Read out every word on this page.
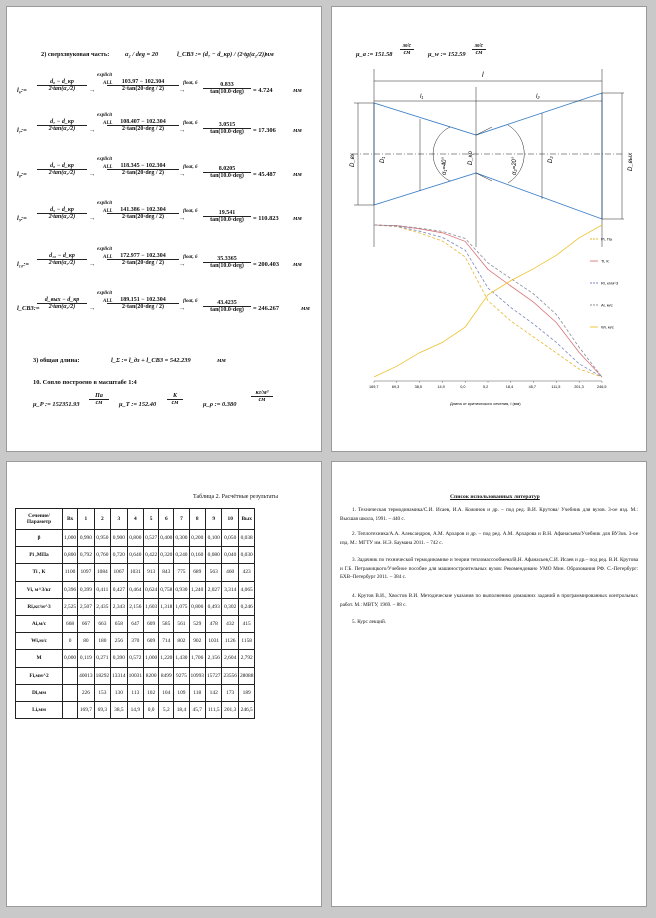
2) сверхзвуковая часть: α₂ / deg = 20	l_CB3 := (d₇ − d_кр) / (2·tg(α₂/2))
мм
l₆:=
d₆ − d_кр
2·tan(α₂/2)
explicit
ALL
→
103.97 − 102.304
2·tan(20·deg / 2)
float, 6
→
0.833
tan(10.0·deg)	= 4.724	мм
l₇:=
d₇ − d_кр
2·tan(α₂/2)
explicit
ALL
→
108.407 − 102.304
2·tan(20·deg / 2)
float, 6
→
3.0515
tan(10.0·deg)	= 17.306	мм
l₈:=
d₈ − d_кр
2·tan(α₂/2)
explicit
ALL
→
118.345 − 102.304
2·tan(20·deg / 2)
float, 6
→
8.0205
tan(10.0·deg)	= 45.487	мм
l₉:=
d₉ − d_кр
2·tan(α₂/2)
explicit
ALL
→
141.386 − 102.304
2·tan(20·deg / 2)
float, 6
→
19.541
tan(10.0·deg)	= 110.823 мм
l₁₀:=
d₁₀ − d_кр
2·tan(α₂/2)
explicit
ALL
→
172.977 − 102.304
2·tan(20·deg / 2)
float, 6
→
35.3365
tan(10.0·deg)	= 200.403 мм
l_CB3:=
d_вых − d_кр
2·tan(α₂/2)
explicit
ALL
→
189.151 − 102.304
2·tan(20·deg / 2)
float, 6
→
43.4235
tan(10.0·deg)	= 246.267	мм
3) общая длина:	l_Σ := l_дз + l_CB3 = 542.239	мм
10. Сопло построено в масштабе 1:4
μ_P := 152351.93
Па
см	μ_T := 152.40
К
см	μ_ρ := 0.380
кг/м³
см
μ_a := 151.58
м/с
см	μ_w := 152.59
м/с
см
l
l₁	l₂
D_вх	D₁	D_кр	D₂	D_вых
α₁=40°	α₂=20°
Pi, Па
Ti, К
Ri, кг/м^3
Ai, м/с
Wi, м/с
169,7	69,3	38,5	14,9	0,0	5,2	18,4	45,7	111,5	201,3	246,5
Длина от критического сечения, l (мм)
Таблица 2. Расчётные результаты
Сечение/ Параметр	Вх	1	2	3	4	5	6	7	8	9	10	Вых
β	1,000	0,990	0,950	0,900	0,800	0,527	0,400	0,300	0,200	0,100	0,050	0,038
Pi ,МПа	0,800	0,792	0,760	0,720	0,640	0,422	0,320	0,240	0,160	0,080	0,040	0,030
Ti , К	1100	1097	1084	1067	1031	913	843	775	689	563	460	423
Vi, м^3/кг	0,396	0,399	0,411	0,427	0,464	0,624	0,758	0,930	1,240	2,027	3,314	4,065
Ri,кг/м^3	2,525	2,507	2,435	2,343	2,156	1,603	1,318	1,075	0,806	0,493	0,302	0,246
Ai,м/с	668	667	663	658	647	609	585	561	529	478	432	415
Wi,м/с	0	80	180	256	370	609	714	802	902	1031	1126	1158
M	0,000	0,119	0,271	0,390	0,572	1,000	1,220	1,430	1,706	2,156	2,604	2,792
Fi,мм^2		40013	18292	13314	10031	8200	8499	9275	10993	15727	23556	28088
Di,мм		226	153	130	113	102	104	109	118	142	173	189
Li,мм		169,7	69,3	38,5	14,9	0,0	5,2	18,4	45,7	111,5	201,3	246,5
Список использованных литератур
1. Техническая термодинамика/С.И. Исаев, И.А. Кожинов и др. – под ред. В.И. Крутова/ Учебник для вузов. 3-ое изд. М.: Высшая школа, 1991. – 440 с.
2. Теплотехника/А.А. Александров, А.М. Архаров и др. – под ред. А.М. Архарова и В.Н. Афанасьева/Учебник для ВУЗов. 3-ое изд. М.: МГТУ им. Н.Э. Баумана 2011. – 742 с.
3. Задачник по технической термодинамике и теории тепломассообмена/В.Н. Афанасьев,С.И. Исаев и др.– под ред. В.И. Крутова и Г.Б. Петражицкого/Учебное пособие для машиностроительных вузов: Рекомендовано УМО Мин. Образования РФ. С.-Петербург: БХВ–Петербург 2011. – 384 с.
4. Крутов В.И., Хвостов В.И. Методические указания по выполнению домашних заданий в программированных контрольных работ. М.: МВТУ, 1969. – 88 с.
5. Курс лекций.
